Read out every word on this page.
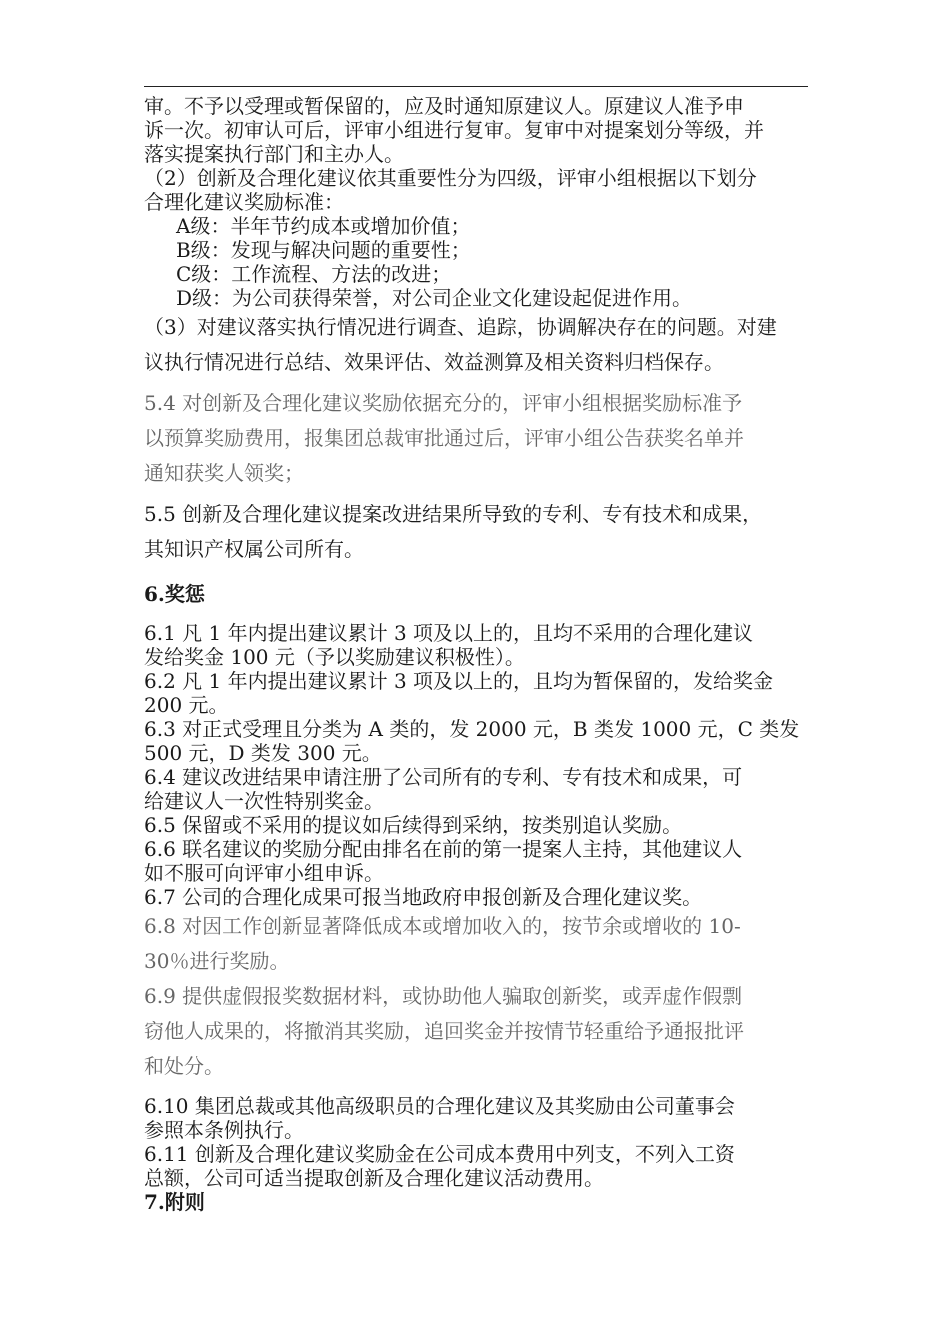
审。不予以受理或暂保留的，应及时通知原建议人。原建议人准予申

诉一次。初审认可后，评审小组进行复审。复审中对提案划分等级，并

落实提案执行部门和主办人。

（2）创新及合理化建议依其重要性分为四级，评审小组根据以下划分

合理化建议奖励标准：

A级：半年节约成本或增加价值；

B级：发现与解决问题的重要性；

C级：工作流程、方法的改进；

D级：为公司获得荣誉，对公司企业文化建设起促进作用。

（3）对建议落实执行情况进行调查、追踪，协调解决存在的问题。对建

议执行情况进行总结、效果评估、效益测算及相关资料归档保存。

5.4 对创新及合理化建议奖励依据充分的，评审小组根据奖励标准予

以预算奖励费用，报集团总裁审批通过后，评审小组公告获奖名单并

通知获奖人领奖；

5.5 创新及合理化建议提案改进结果所导致的专利、专有技术和成果，

其知识产权属公司所有。

6.奖惩

6.1 凡 1 年内提出建议累计 3 项及以上的，且均不采用的合理化建议

发给奖金 100 元（予以奖励建议积极性）。

6.2 凡 1 年内提出建议累计 3 项及以上的，且均为暂保留的，发给奖金

200 元。

6.3 对正式受理且分类为 A 类的，发 2000 元，B 类发 1000 元，C 类发

500 元，D 类发 300 元。

6.4 建议改进结果申请注册了公司所有的专利、专有技术和成果，可

给建议人一次性特别奖金。

6.5 保留或不采用的提议如后续得到采纳，按类别追认奖励。

6.6 联名建议的奖励分配由排名在前的第一提案人主持，其他建议人

如不服可向评审小组申诉。

6.7 公司的合理化成果可报当地政府申报创新及合理化建议奖。

6.8 对因工作创新显著降低成本或增加收入的，按节余或增收的 10-

30％进行奖励。

6.9 提供虚假报奖数据材料，或协助他人骗取创新奖，或弄虚作假剽

窃他人成果的，将撤消其奖励，追回奖金并按情节轻重给予通报批评

和处分。

6.10 集团总裁或其他高级职员的合理化建议及其奖励由公司董事会

参照本条例执行。

6.11 创新及合理化建议奖励金在公司成本费用中列支，不列入工资

总额，公司可适当提取创新及合理化建议活动费用。

7.附则
